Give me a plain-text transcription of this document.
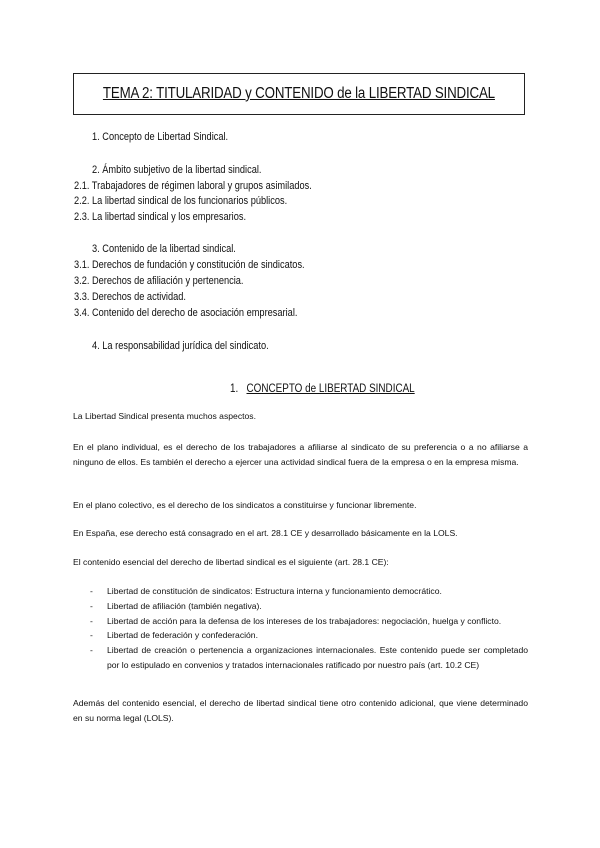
TEMA 2: TITULARIDAD y CONTENIDO de la LIBERTAD SINDICAL
1. Concepto de Libertad Sindical.
2. Ámbito subjetivo de la libertad sindical.
2.1. Trabajadores de régimen laboral y grupos asimilados.
2.2. La libertad sindical de los funcionarios públicos.
2.3. La libertad sindical y los empresarios.
3. Contenido de la libertad sindical.
3.1. Derechos de fundación y constitución de sindicatos.
3.2. Derechos de afiliación y pertenencia.
3.3. Derechos de actividad.
3.4. Contenido del derecho de asociación empresarial.
4. La responsabilidad jurídica del sindicato.
1. CONCEPTO de LIBERTAD SINDICAL

La Libertad Sindical presenta muchos aspectos.

En el plano individual, es el derecho de los trabajadores a afiliarse al sindicato de su preferencia o a no afiliarse a ninguno de ellos. Es también el derecho a ejercer una actividad sindical fuera de la empresa o en la empresa misma.

En el plano colectivo, es el derecho de los sindicatos a constituirse y funcionar libremente.

En España, ese derecho está consagrado en el art. 28.1 CE y desarrollado básicamente en la LOLS.

El contenido esencial del derecho de libertad sindical es el siguiente (art. 28.1 CE):

- Libertad de constitución de sindicatos: Estructura interna y funcionamiento democrático.
- Libertad de afiliación (también negativa).
- Libertad de acción para la defensa de los intereses de los trabajadores: negociación, huelga y conflicto.
- Libertad de federación y confederación.
- Libertad de creación o pertenencia a organizaciones internacionales. Este contenido puede ser completado por lo estipulado en convenios y tratados internacionales ratificado por nuestro país (art. 10.2 CE)

Además del contenido esencial, el derecho de libertad sindical tiene otro contenido adicional, que viene determinado en su norma legal (LOLS).
